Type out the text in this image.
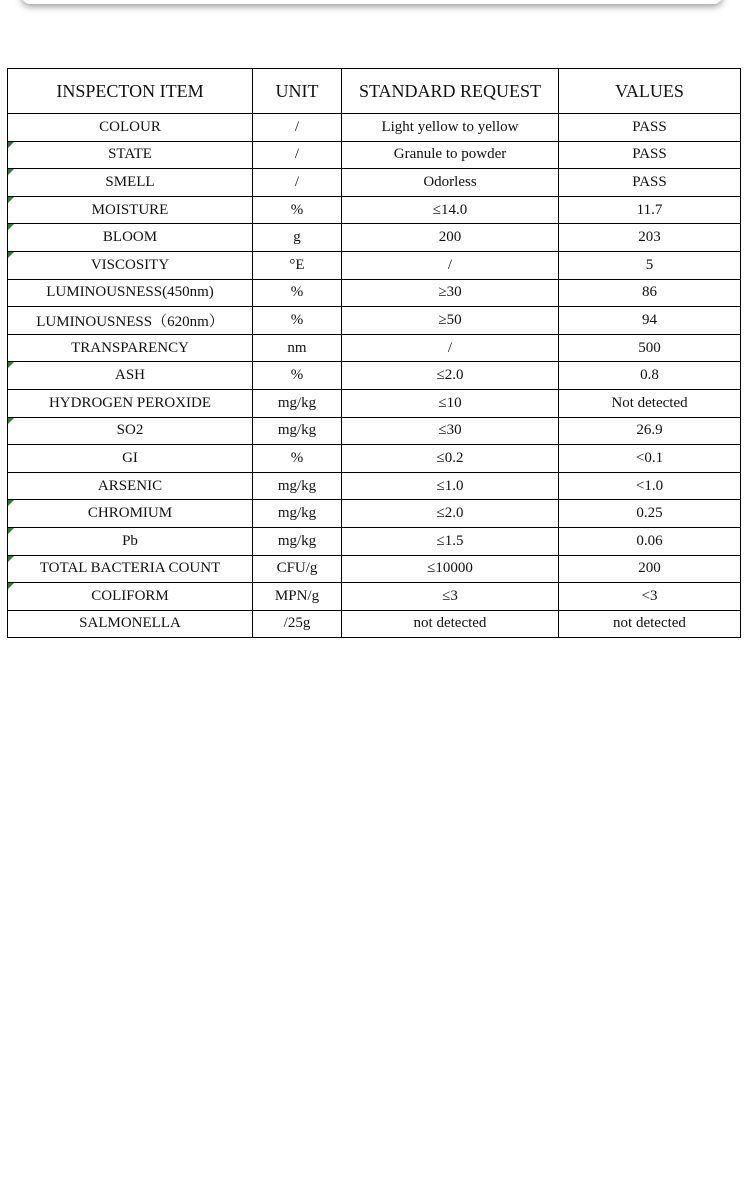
INSPECTON ITEM	UNIT	STANDARD REQUEST	VALUES
COLOUR	/	Light yellow to yellow	PASS

STATE	/	Granule to powder	PASS

SMELL	/	Odorless	PASS

MOISTURE	%	≤14.0	11.7

BLOOM	g	200	203

VISCOSITY	°E	/	5
LUMINOUSNESS(450nm)	%	≥30	86
LUMINOUSNESS（620nm）	%	≥50	94
TRANSPARENCY	nm	/	500

ASH	%	≤2.0	0.8
HYDROGEN PEROXIDE	mg/kg	≤10	Not detected

SO2	mg/kg	≤30	26.9
GI	%	≤0.2	<0.1
ARSENIC	mg/kg	≤1.0	<1.0

CHROMIUM	mg/kg	≤2.0	0.25

Pb	mg/kg	≤1.5	0.06

TOTAL BACTERIA COUNT	CFU/g	≤10000	200

COLIFORM	MPN/g	≤3	<3
SALMONELLA	/25g	not detected	not detected
